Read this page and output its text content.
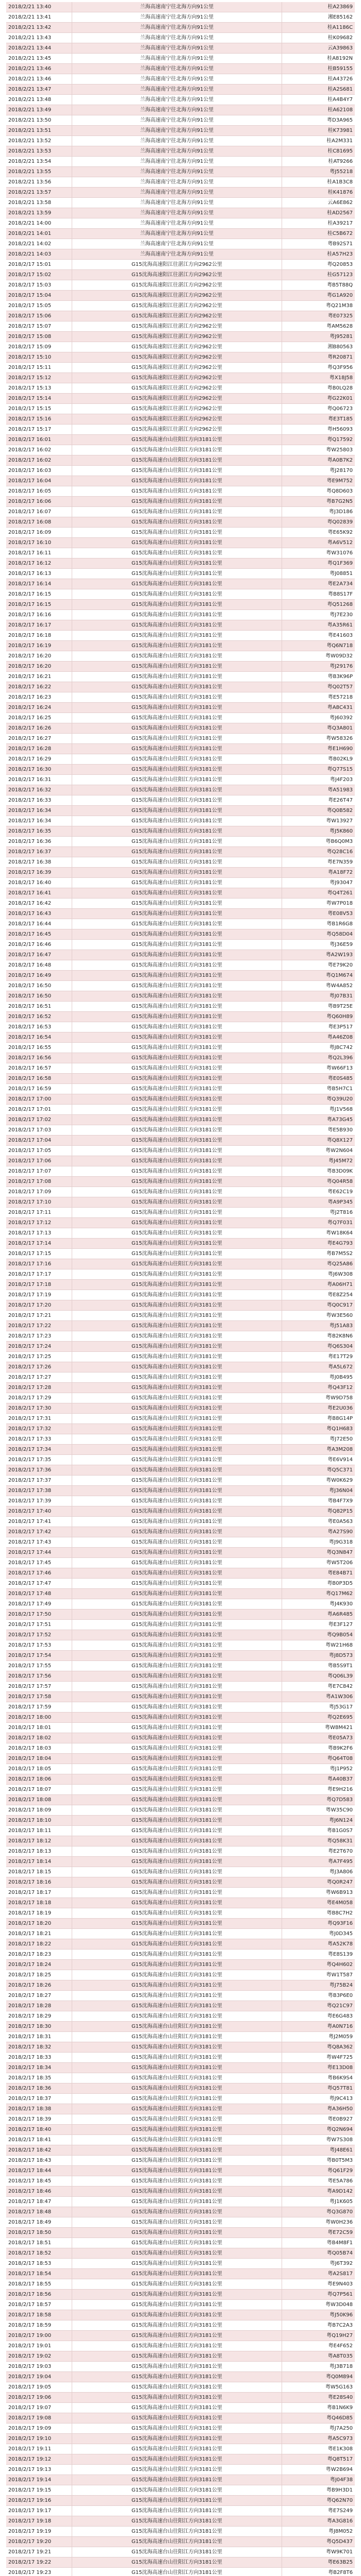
2018/2/21 13:40	兰海高速南宁往北海方向91公里	桂A23869
2018/2/21 13:41	兰海高速南宁往北海方向91公里	湘E85162
2018/2/21 13:42	兰海高速南宁往北海方向91公里	桂A1186C
2018/2/21 13:43	兰海高速南宁往北海方向91公里	桂K09682
2018/2/21 13:44	兰海高速南宁往北海方向91公里	云A39863
2018/2/21 13:45	兰海高速南宁往北海方向91公里	桂A8192N
2018/2/21 13:46	兰海高速南宁往北海方向91公里	桂B59155
2018/2/21 13:46	兰海高速南宁往北海方向91公里	桂A43726
2018/2/21 13:47	兰海高速南宁往北海方向91公里	桂A2S681
2018/2/21 13:48	兰海高速南宁往北海方向91公里	桂A4B4Y7
2018/2/21 13:49	兰海高速南宁往北海方向91公里	桂A62108
2018/2/21 13:50	兰海高速南宁往北海方向91公里	粤D3A965
2018/2/21 13:51	兰海高速南宁往北海方向91公里	桂K73981
2018/2/21 13:52	兰海高速南宁往北海方向91公里	桂A2M331
2018/2/21 13:53	兰海高速南宁往北海方向91公里	桂C81695
2018/2/21 13:54	兰海高速南宁往北海方向91公里	桂AT9266
2018/2/21 13:55	兰海高速南宁往北海方向91公里	粤J55218
2018/2/21 13:56	兰海高速南宁往北海方向91公里	桂A1B3C8
2018/2/21 13:57	兰海高速南宁往北海方向91公里	桂K41876
2018/2/21 13:58	兰海高速南宁往北海方向91公里	云A6E862
2018/2/21 13:59	兰海高速南宁往北海方向91公里	桂AD2567
2018/2/21 14:00	兰海高速南宁往北海方向91公里	桂A39217
2018/2/21 14:01	兰海高速南宁往北海方向91公里	桂C5B672
2018/2/21 14:02	兰海高速南宁往北海方向91公里	粤B92S71
2018/2/21 14:03	兰海高速南宁往北海方向91公里	桂A57H23
2018/2/17 15:01	G15沈海高速阳江往湛江方向2962公里	粤Q20853
2018/2/17 15:02	G15沈海高速阳江往湛江方向2962公里	桂G57123
2018/2/17 15:03	G15沈海高速阳江往湛江方向2962公里	粤B5T88Q
2018/2/17 15:04	G15沈海高速阳江往湛江方向2962公里	粤G1A920
2018/2/17 15:05	G15沈海高速阳江往湛江方向2962公里	粤Q21M38
2018/2/17 15:06	G15沈海高速阳江往湛江方向2962公里	粤E07325
2018/2/17 15:07	G15沈海高速阳江往湛江方向2962公里	粤AM5628
2018/2/17 15:08	G15沈海高速阳江往湛江方向2962公里	粤J95281
2018/2/17 15:09	G15沈海高速阳江往湛江方向2962公里	湘B80563
2018/2/17 15:10	G15沈海高速阳江往湛江方向2962公里	粤R20871
2018/2/17 15:11	G15沈海高速阳江往湛江方向2962公里	粤Q3F956
2018/2/17 15:12	G15沈海高速阳江往湛江方向2962公里	粤X18J58
2018/2/17 15:13	G15沈海高速阳江往湛江方向2962公里	粤B0LQ28
2018/2/17 15:14	G15沈海高速阳江往湛江方向2962公里	粤G22K01
2018/2/17 15:15	G15沈海高速阳江往湛江方向2962公里	粤Q06723
2018/2/17 15:16	G15沈海高速阳江往湛江方向2962公里	粤E3T185
2018/2/17 15:17	G15沈海高速阳江往湛江方向2962公里	粤H56093
2018/2/17 16:01	G15沈海高速台山往阳江方向3181公里	粤Q17592
2018/2/17 16:02	G15沈海高速台山往阳江方向3181公里	粤W25803
2018/2/17 16:02	G15沈海高速台山往阳江方向3181公里	粤A0B7K2
2018/2/17 16:03	G15沈海高速台山往阳江方向3181公里	粤J28170
2018/2/17 16:04	G15沈海高速台山往阳江方向3181公里	粤E9M752
2018/2/17 16:05	G15沈海高速台山往阳江方向3181公里	粤Q8D603
2018/2/17 16:06	G15沈海高速台山往阳江方向3181公里	粤B7G2N5
2018/2/17 16:07	G15沈海高速台山往阳江方向3181公里	粤J3D186
2018/2/17 16:08	G15沈海高速台山往阳江方向3181公里	粤Q02839
2018/2/17 16:09	G15沈海高速台山往阳江方向3181公里	粤E65K92
2018/2/17 16:10	G15沈海高速台山往阳江方向3181公里	粤A6V512
2018/2/17 16:11	G15沈海高速台山往阳江方向3181公里	粤W31076
2018/2/17 16:12	G15沈海高速台山往阳江方向3181公里	粤Q1F369
2018/2/17 16:13	G15沈海高速台山往阳江方向3181公里	粤J08851
2018/2/17 16:14	G15沈海高速台山往阳江方向3181公里	粤E2A734
2018/2/17 16:15	G15沈海高速台山往阳江方向3181公里	粤B8S17F
2018/2/17 16:15	G15沈海高速台山往阳江方向3181公里	粤Q51268
2018/2/17 16:16	G15沈海高速台山往阳江方向3181公里	粤J7E230
2018/2/17 16:17	G15沈海高速台山往阳江方向3181公里	粤A35R61
2018/2/17 16:18	G15沈海高速台山往阳江方向3181公里	粤E41603
2018/2/17 16:19	G15沈海高速台山往阳江方向3181公里	粤Q6N718
2018/2/17 16:20	G15沈海高速台山往阳江方向3181公里	粤W09D32
2018/2/17 16:20	G15沈海高速台山往阳江方向3181公里	粤J29176
2018/2/17 16:21	G15沈海高速台山往阳江方向3181公里	粤B3K96P
2018/2/17 16:22	G15沈海高速台山往阳江方向3181公里	粤Q02T57
2018/2/17 16:23	G15沈海高速台山往阳江方向3181公里	粤E57218
2018/2/17 16:24	G15沈海高速台山往阳江方向3181公里	粤A8C431
2018/2/17 16:25	G15沈海高速台山往阳江方向3181公里	粤J60392
2018/2/17 16:26	G15沈海高速台山往阳江方向3181公里	粤Q3A801
2018/2/17 16:27	G15沈海高速台山往阳江方向3181公里	粤W58326
2018/2/17 16:28	G15沈海高速台山往阳江方向3181公里	粤E1H690
2018/2/17 16:29	G15沈海高速台山往阳江方向3181公里	粤B02KL9
2018/2/17 16:30	G15沈海高速台山往阳江方向3181公里	粤Q77S15
2018/2/17 16:31	G15沈海高速台山往阳江方向3181公里	粤J4F203
2018/2/17 16:32	G15沈海高速台山往阳江方向3181公里	粤A51983
2018/2/17 16:33	G15沈海高速台山往阳江方向3181公里	粤E26T47
2018/2/17 16:34	G15沈海高速台山往阳江方向3181公里	粤Q0B582
2018/2/17 16:34	G15沈海高速台山往阳江方向3181公里	粤W13927
2018/2/17 16:35	G15沈海高速台山往阳江方向3181公里	粤J5K860
2018/2/17 16:36	G15沈海高速台山往阳江方向3181公里	粤B6Q0M3
2018/2/17 16:37	G15沈海高速台山往阳江方向3181公里	粤Q28C16
2018/2/17 16:38	G15沈海高速台山往阳江方向3181公里	粤E7N359
2018/2/17 16:39	G15沈海高速台山往阳江方向3181公里	粤A18F72
2018/2/17 16:40	G15沈海高速台山往阳江方向3181公里	粤J93047
2018/2/17 16:41	G15沈海高速台山往阳江方向3181公里	粤Q4T261
2018/2/17 16:42	G15沈海高速台山往阳江方向3181公里	粤W7P018
2018/2/17 16:43	G15沈海高速台山往阳江方向3181公里	粤E08V53
2018/2/17 16:44	G15沈海高速台山往阳江方向3181公里	粤B1R6G8
2018/2/17 16:45	G15沈海高速台山往阳江方向3181公里	粤Q58D04
2018/2/17 16:46	G15沈海高速台山往阳江方向3181公里	粤J36E59
2018/2/17 16:47	G15沈海高速台山往阳江方向3181公里	粤A2W193
2018/2/17 16:48	G15沈海高速台山往阳江方向3181公里	粤E79K20
2018/2/17 16:49	G15沈海高速台山往阳江方向3181公里	粤Q1M674
2018/2/17 16:50	G15沈海高速台山往阳江方向3181公里	粤W4A852
2018/2/17 16:50	G15沈海高速台山往阳江方向3181公里	粤J07B31
2018/2/17 16:51	G15沈海高速台山往阳江方向3181公里	粤B9T25E
2018/2/17 16:52	G15沈海高速台山往阳江方向3181公里	粤Q60H89
2018/2/17 16:53	G15沈海高速台山往阳江方向3181公里	粤E3P517
2018/2/17 16:54	G15沈海高速台山往阳江方向3181公里	粤A46Z08
2018/2/17 16:55	G15沈海高速台山往阳江方向3181公里	粤J8C742
2018/2/17 16:56	G15沈海高速台山往阳江方向3181公里	粤Q2L396
2018/2/17 16:57	G15沈海高速台山往阳江方向3181公里	粤W66F13
2018/2/17 16:58	G15沈海高速台山往阳江方向3181公里	粤E0S485
2018/2/17 16:59	G15沈海高速台山往阳江方向3181公里	粤B5H7C1
2018/2/17 17:00	G15沈海高速台山往阳江方向3181公里	粤Q39U20
2018/2/17 17:01	G15沈海高速台山往阳江方向3181公里	粤J1V568
2018/2/17 17:02	G15沈海高速台山往阳江方向3181公里	粤A73G45
2018/2/17 17:03	G15沈海高速台山往阳江方向3181公里	粤E5B930
2018/2/17 17:04	G15沈海高速台山往阳江方向3181公里	粤Q8X127
2018/2/17 17:05	G15沈海高速台山往阳江方向3181公里	粤W2N604
2018/2/17 17:06	G15沈海高速台山往阳江方向3181公里	粤J45M72
2018/2/17 17:07	G15沈海高速台山往阳江方向3181公里	粤B3D09K
2018/2/17 17:08	G15沈海高速台山往阳江方向3181公里	粤Q04R58
2018/2/17 17:09	G15沈海高速台山往阳江方向3181公里	粤E62C19
2018/2/17 17:10	G15沈海高速台山往阳江方向3181公里	粤A9P345
2018/2/17 17:11	G15沈海高速台山往阳江方向3181公里	粤J2T816
2018/2/17 17:12	G15沈海高速台山往阳江方向3181公里	粤Q7F031
2018/2/17 17:13	G15沈海高速台山往阳江方向3181公里	粤W18K64
2018/2/17 17:14	G15沈海高速台山往阳江方向3181公里	粤E4G793
2018/2/17 17:15	G15沈海高速台山往阳江方向3181公里	粤B7M5S2
2018/2/17 17:16	G15沈海高速台山往阳江方向3181公里	粤Q25A86
2018/2/17 17:17	G15沈海高速台山往阳江方向3181公里	粤J6W308
2018/2/17 17:18	G15沈海高速台山往阳江方向3181公里	粤A06H71
2018/2/17 17:19	G15沈海高速台山往阳江方向3181公里	粤E8Z254
2018/2/17 17:20	G15沈海高速台山往阳江方向3181公里	粤Q0C917
2018/2/17 17:21	G15沈海高速台山往阳江方向3181公里	粤W3E560
2018/2/17 17:22	G15沈海高速台山往阳江方向3181公里	粤J51A83
2018/2/17 17:23	G15沈海高速台山往阳江方向3181公里	粤B2K8N6
2018/2/17 17:24	G15沈海高速台山往阳江方向3181公里	粤Q6S304
2018/2/17 17:25	G15沈海高速台山往阳江方向3181公里	粤E17T29
2018/2/17 17:26	G15沈海高速台山往阳江方向3181公里	粤A5L672
2018/2/17 17:27	G15沈海高速台山往阳江方向3181公里	粤J0B495
2018/2/17 17:28	G15沈海高速台山往阳江方向3181公里	粤Q43F12
2018/2/17 17:29	G15沈海高速台山往阳江方向3181公里	粤W9D758
2018/2/17 17:30	G15沈海高速台山往阳江方向3181公里	粤E2U036
2018/2/17 17:31	G15沈海高速台山往阳江方向3181公里	粤B8G14P
2018/2/17 17:32	G15沈海高速台山往阳江方向3181公里	粤Q1H683
2018/2/17 17:33	G15沈海高速台山往阳江方向3181公里	粤J72E50
2018/2/17 17:34	G15沈海高速台山往阳江方向3181公里	粤A3M208
2018/2/17 17:35	G15沈海高速台山往阳江方向3181公里	粤E6V914
2018/2/17 17:36	G15沈海高速台山往阳江方向3181公里	粤Q5C371
2018/2/17 17:37	G15沈海高速台山往阳江方向3181公里	粤W0K629
2018/2/17 17:38	G15沈海高速台山往阳江方向3181公里	粤J36N04
2018/2/17 17:39	G15沈海高速台山往阳江方向3181公里	粤B4F7X9
2018/2/17 17:40	G15沈海高速台山往阳江方向3181公里	粤Q82P15
2018/2/17 17:41	G15沈海高速台山往阳江方向3181公里	粤E0A563
2018/2/17 17:42	G15沈海高速台山往阳江方向3181公里	粤A27S90
2018/2/17 17:43	G15沈海高速台山往阳江方向3181公里	粤J9G318
2018/2/17 17:44	G15沈海高速台山往阳江方向3181公里	粤Q3N847
2018/2/17 17:45	G15沈海高速台山往阳江方向3181公里	粤W5T206
2018/2/17 17:46	G15沈海高速台山往阳江方向3181公里	粤E84B71
2018/2/17 17:47	G15沈海高速台山往阳江方向3181公里	粤B0P3D5
2018/2/17 17:48	G15沈海高速台山往阳江方向3181公里	粤Q17M62
2018/2/17 17:49	G15沈海高速台山往阳江方向3181公里	粤J4K930
2018/2/17 17:50	G15沈海高速台山往阳江方向3181公里	粤A6R485
2018/2/17 17:51	G15沈海高速台山往阳江方向3181公里	粤E3F127
2018/2/17 17:52	G15沈海高速台山往阳江方向3181公里	粤Q9B054
2018/2/17 17:53	G15沈海高速台山往阳江方向3181公里	粤W21H68
2018/2/17 17:54	G15沈海高速台山往阳江方向3181公里	粤J8D573
2018/2/17 17:55	G15沈海高速台山往阳江方向3181公里	粤B5S9T1
2018/2/17 17:56	G15沈海高速台山往阳江方向3181公里	粤Q06L39
2018/2/17 17:57	G15沈海高速台山往阳江方向3181公里	粤E7C842
2018/2/17 17:58	G15沈海高速台山往阳江方向3181公里	粤A1W306
2018/2/17 17:59	G15沈海高速台山往阳江方向3181公里	粤J53G17
2018/2/17 18:00	G15沈海高速台山往阳江方向3181公里	粤Q2E695
2018/2/17 18:01	G15沈海高速台山往阳江方向3181公里	粤W8M421
2018/2/17 18:02	G15沈海高速台山往阳江方向3181公里	粤E05A73
2018/2/17 18:03	G15沈海高速台山往阳江方向3181公里	粤B9K2F6
2018/2/17 18:04	G15沈海高速台山往阳江方向3181公里	粤Q64T08
2018/2/17 18:05	G15沈海高速台山往阳江方向3181公里	粤J1P952
2018/2/17 18:06	G15沈海高速台山往阳江方向3181公里	粤A40B37
2018/2/17 18:07	G15沈海高速台山往阳江方向3181公里	粤E9H216
2018/2/17 18:08	G15沈海高速台山往阳江方向3181公里	粤Q7D583
2018/2/17 18:09	G15沈海高速台山往阳江方向3181公里	粤W35C90
2018/2/17 18:10	G15沈海高速台山往阳江方向3181公里	粤J6N124
2018/2/17 18:11	G15沈海高速台山往阳江方向3181公里	粤B1G0S7
2018/2/17 18:12	G15沈海高速台山往阳江方向3181公里	粤Q58K31
2018/2/17 18:13	G15沈海高速台山往阳江方向3181公里	粤E2T670
2018/2/17 18:14	G15沈海高速台山往阳江方向3181公里	粤A7F495
2018/2/17 18:15	G15沈海高速台山往阳江方向3181公里	粤J3A806
2018/2/17 18:16	G15沈海高速台山往阳江方向3181公里	粤Q0R247
2018/2/17 18:17	G15沈海高速台山往阳江方向3181公里	粤W6B913
2018/2/17 18:18	G15沈海高速台山往阳江方向3181公里	粤E4M058
2018/2/17 18:19	G15沈海高速台山往阳江方向3181公里	粤B8C7H2
2018/2/17 18:20	G15沈海高速台山往阳江方向3181公里	粤Q93F16
2018/2/17 18:21	G15沈海高速台山往阳江方向3181公里	粤J0D345
2018/2/17 18:22	G15沈海高速台山往阳江方向3181公里	粤A52K78
2018/2/17 18:23	G15沈海高速台山往阳江方向3181公里	粤E8S139
2018/2/17 18:24	G15沈海高速台山往阳江方向3181公里	粤Q4H602
2018/2/17 18:25	G15沈海高速台山往阳江方向3181公里	粤W1T587
2018/2/17 18:26	G15沈海高速台山往阳江方向3181公里	粤J75B24
2018/2/17 18:27	G15沈海高速台山往阳江方向3181公里	粤B3P6E0
2018/2/17 18:28	G15沈海高速台山往阳江方向3181公里	粤Q21C97
2018/2/17 18:29	G15沈海高速台山往阳江方向3181公里	粤E6G483
2018/2/17 18:30	G15沈海高速台山往阳江方向3181公里	粤A0N716
2018/2/17 18:31	G15沈海高速台山往阳江方向3181公里	粤J2M059
2018/2/17 18:32	G15沈海高速台山往阳江方向3181公里	粤Q8A362
2018/2/17 18:33	G15沈海高速台山往阳江方向3181公里	粤W4F725
2018/2/17 18:34	G15沈海高速台山往阳江方向3181公里	粤E13D08
2018/2/17 18:35	G15沈海高速台山往阳江方向3181公里	粤B6K9S4
2018/2/17 18:36	G15沈海高速台山往阳江方向3181公里	粤Q57T81
2018/2/17 18:37	G15沈海高速台山往阳江方向3181公里	粤J9C413
2018/2/17 18:38	G15沈海高速台山往阳江方向3181公里	粤A36H50
2018/2/17 18:39	G15沈海高速台山往阳江方向3181公里	粤E0B927
2018/2/17 18:40	G15沈海高速台山往阳江方向3181公里	粤Q2N694
2018/2/17 18:41	G15沈海高速台山往阳江方向3181公里	粤W7S308
2018/2/17 18:42	G15沈海高速台山往阳江方向3181公里	粤J48E61
2018/2/17 18:43	G15沈海高速台山往阳江方向3181公里	粤B0T5M3
2018/2/17 18:44	G15沈海高速台山往阳江方向3181公里	粤Q61F29
2018/2/17 18:45	G15沈海高速台山往阳江方向3181公里	粤E5A786
2018/2/17 18:46	G15沈海高速台山往阳江方向3181公里	粤A9D142
2018/2/17 18:47	G15沈海高速台山往阳江方向3181公里	粤J1K605
2018/2/17 18:48	G15沈海高速台山往阳江方向3181公里	粤Q3G870
2018/2/17 18:49	G15沈海高速台山往阳江方向3181公里	粤W0H236
2018/2/17 18:50	G15沈海高速台山往阳江方向3181公里	粤E72C59
2018/2/17 18:51	G15沈海高速台山往阳江方向3181公里	粤B4M8F1
2018/2/17 18:52	G15沈海高速台山往阳江方向3181公里	粤Q05B74
2018/2/17 18:53	G15沈海高速台山往阳江方向3181公里	粤J6T392
2018/2/17 18:54	G15沈海高速台山往阳江方向3181公里	粤A2S817
2018/2/17 18:55	G15沈海高速台山往阳江方向3181公里	粤E9N403
2018/2/17 18:56	G15沈海高速台山往阳江方向3181公里	粤Q7P561
2018/2/17 18:57	G15沈海高速台山往阳江方向3181公里	粤W3D048
2018/2/17 18:58	G15沈海高速台山往阳江方向3181公里	粤J50K96
2018/2/17 18:59	G15沈海高速台山往阳江方向3181公里	粤B7C2A3
2018/2/17 19:00	G15沈海高速台山往阳江方向3181公里	粤Q19H27
2018/2/17 19:01	G15沈海高速台山往阳江方向3181公里	粤E4F652
2018/2/17 19:02	G15沈海高速台山往阳江方向3181公里	粤A8T035
2018/2/17 19:03	G15沈海高速台山往阳江方向3181公里	粤J3B718
2018/2/17 19:04	G15沈海高速台山往阳江方向3181公里	粤Q0M894
2018/2/17 19:05	G15沈海高速台山往阳江方向3181公里	粤W5G163
2018/2/17 19:06	G15沈海高速台山往阳江方向3181公里	粤E28S40
2018/2/17 19:07	G15沈海高速台山往阳江方向3181公里	粤B1N6K9
2018/2/17 19:08	G15沈海高速台山往阳江方向3181公里	粤Q46D85
2018/2/17 19:09	G15沈海高速台山往阳江方向3181公里	粤J7A250
2018/2/17 19:10	G15沈海高速台山往阳江方向3181公里	粤A5C973
2018/2/17 19:11	G15沈海高速台山往阳江方向3181公里	粤E1K308
2018/2/17 19:12	G15沈海高速台山往阳江方向3181公里	粤Q8T517
2018/2/17 19:13	G15沈海高速台山往阳江方向3181公里	粤W2B694
2018/2/17 19:14	G15沈海高速台山往阳江方向3181公里	粤J04F38
2018/2/17 19:15	G15沈海高速台山往阳江方向3181公里	粤B9H3D1
2018/2/17 19:16	G15沈海高速台山往阳江方向3181公里	粤Q62N70
2018/2/17 19:17	G15沈海高速台山往阳江方向3181公里	粤E7S249
2018/2/17 19:18	G15沈海高速台山往阳江方向3181公里	粤A3G816
2018/2/17 19:19	G15沈海高速台山往阳江方向3181公里	粤J8M052
2018/2/17 19:20	G15沈海高速台山往阳江方向3181公里	粤Q5D437
2018/2/17 19:21	G15沈海高速台山往阳江方向3181公里	粤W9K701
2018/2/17 19:22	G15沈海高速台山往阳江方向3181公里	粤E63B25
2018/2/17 19:23	G15沈海高速台山往阳江方向3181公里	粤B2F8T6
